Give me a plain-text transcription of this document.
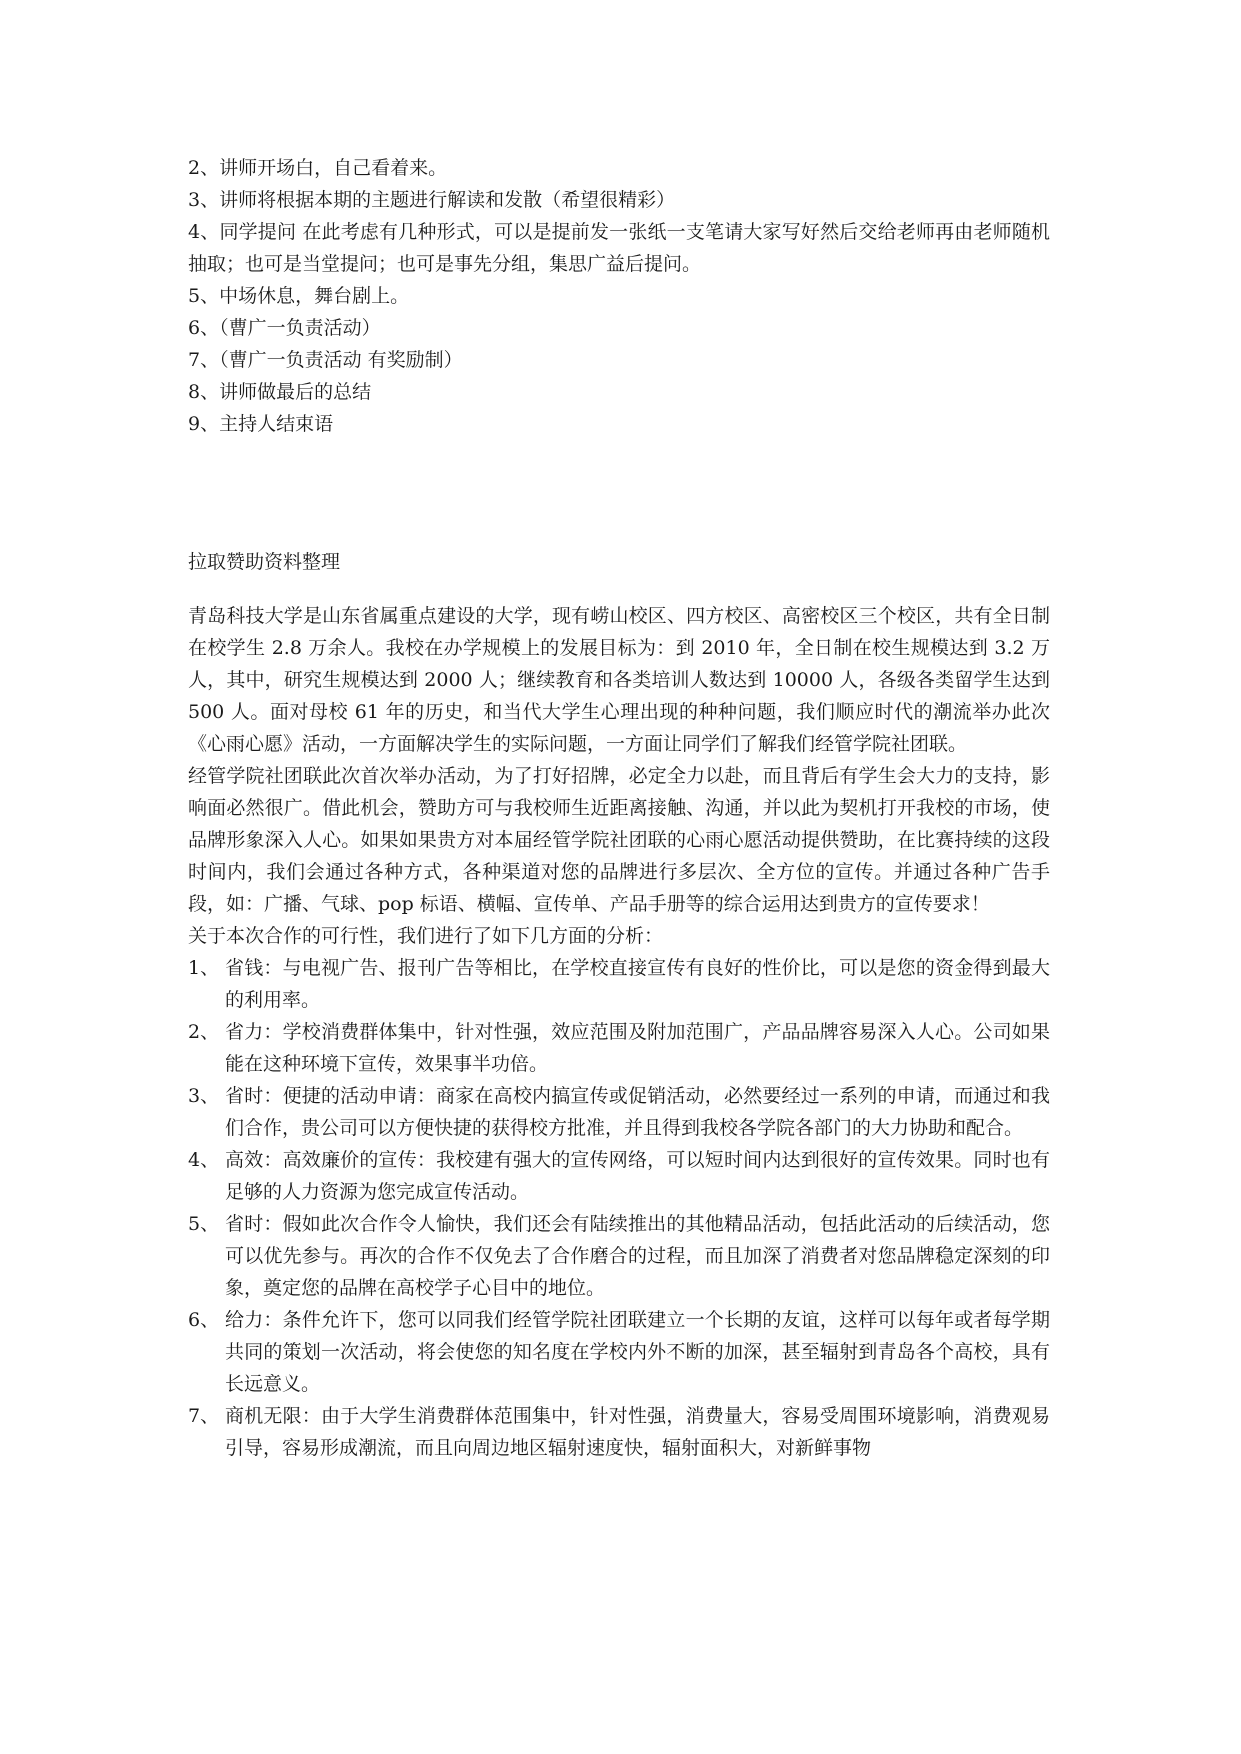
2、讲师开场白，自己看着来。

3、讲师将根据本期的主题进行解读和发散（希望很精彩）

4、同学提问 在此考虑有几种形式，可以是提前发一张纸一支笔请大家写好然后交给老师再由老师随机抽取；也可是当堂提问；也可是事先分组，集思广益后提问。

5、中场休息，舞台剧上。

6、（曹广一负责活动）

7、（曹广一负责活动 有奖励制）

8、讲师做最后的总结

9、主持人结束语

拉取赞助资料整理

青岛科技大学是山东省属重点建设的大学，现有崂山校区、四方校区、高密校区三个校区，共有全日制在校学生 2.8 万余人。我校在办学规模上的发展目标为：到 2010 年，全日制在校生规模达到 3.2 万人，其中，研究生规模达到 2000 人；继续教育和各类培训人数达到 10000 人，各级各类留学生达到 500 人。面对母校 61 年的历史，和当代大学生心理出现的种种问题，我们顺应时代的潮流举办此次《心雨心愿》活动，一方面解决学生的实际问题，一方面让同学们了解我们经管学院社团联。

经管学院社团联此次首次举办活动，为了打好招牌，必定全力以赴，而且背后有学生会大力的支持，影响面必然很广。借此机会，赞助方可与我校师生近距离接触、沟通，并以此为契机打开我校的市场，使品牌形象深入人心。如果如果贵方对本届经管学院社团联的心雨心愿活动提供赞助，在比赛持续的这段时间内，我们会通过各种方式，各种渠道对您的品牌进行多层次、全方位的宣传。并通过各种广告手段，如：广播、气球、pop 标语、横幅、宣传单、产品手册等的综合运用达到贵方的宣传要求！

关于本次合作的可行性，我们进行了如下几方面的分析：

1、 省钱：与电视广告、报刊广告等相比，在学校直接宣传有良好的性价比，可以是您的资金得到最大的利用率。
2、 省力：学校消费群体集中，针对性强，效应范围及附加范围广，产品品牌容易深入人心。公司如果能在这种环境下宣传，效果事半功倍。
3、 省时：便捷的活动申请：商家在高校内搞宣传或促销活动，必然要经过一系列的申请，而通过和我们合作，贵公司可以方便快捷的获得校方批准，并且得到我校各学院各部门的大力协助和配合。
4、 高效：高效廉价的宣传：我校建有强大的宣传网络，可以短时间内达到很好的宣传效果。同时也有足够的人力资源为您完成宣传活动。
5、 省时：假如此次合作令人愉快，我们还会有陆续推出的其他精品活动，包括此活动的后续活动，您可以优先参与。再次的合作不仅免去了合作磨合的过程，而且加深了消费者对您品牌稳定深刻的印象，奠定您的品牌在高校学子心目中的地位。
6、 给力：条件允许下，您可以同我们经管学院社团联建立一个长期的友谊，这样可以每年或者每学期共同的策划一次活动，将会使您的知名度在学校内外不断的加深，甚至辐射到青岛各个高校，具有长远意义。
7、 商机无限：由于大学生消费群体范围集中，针对性强，消费量大，容易受周围环境影响，消费观易引导，容易形成潮流，而且向周边地区辐射速度快，辐射面积大，对新鲜事物
